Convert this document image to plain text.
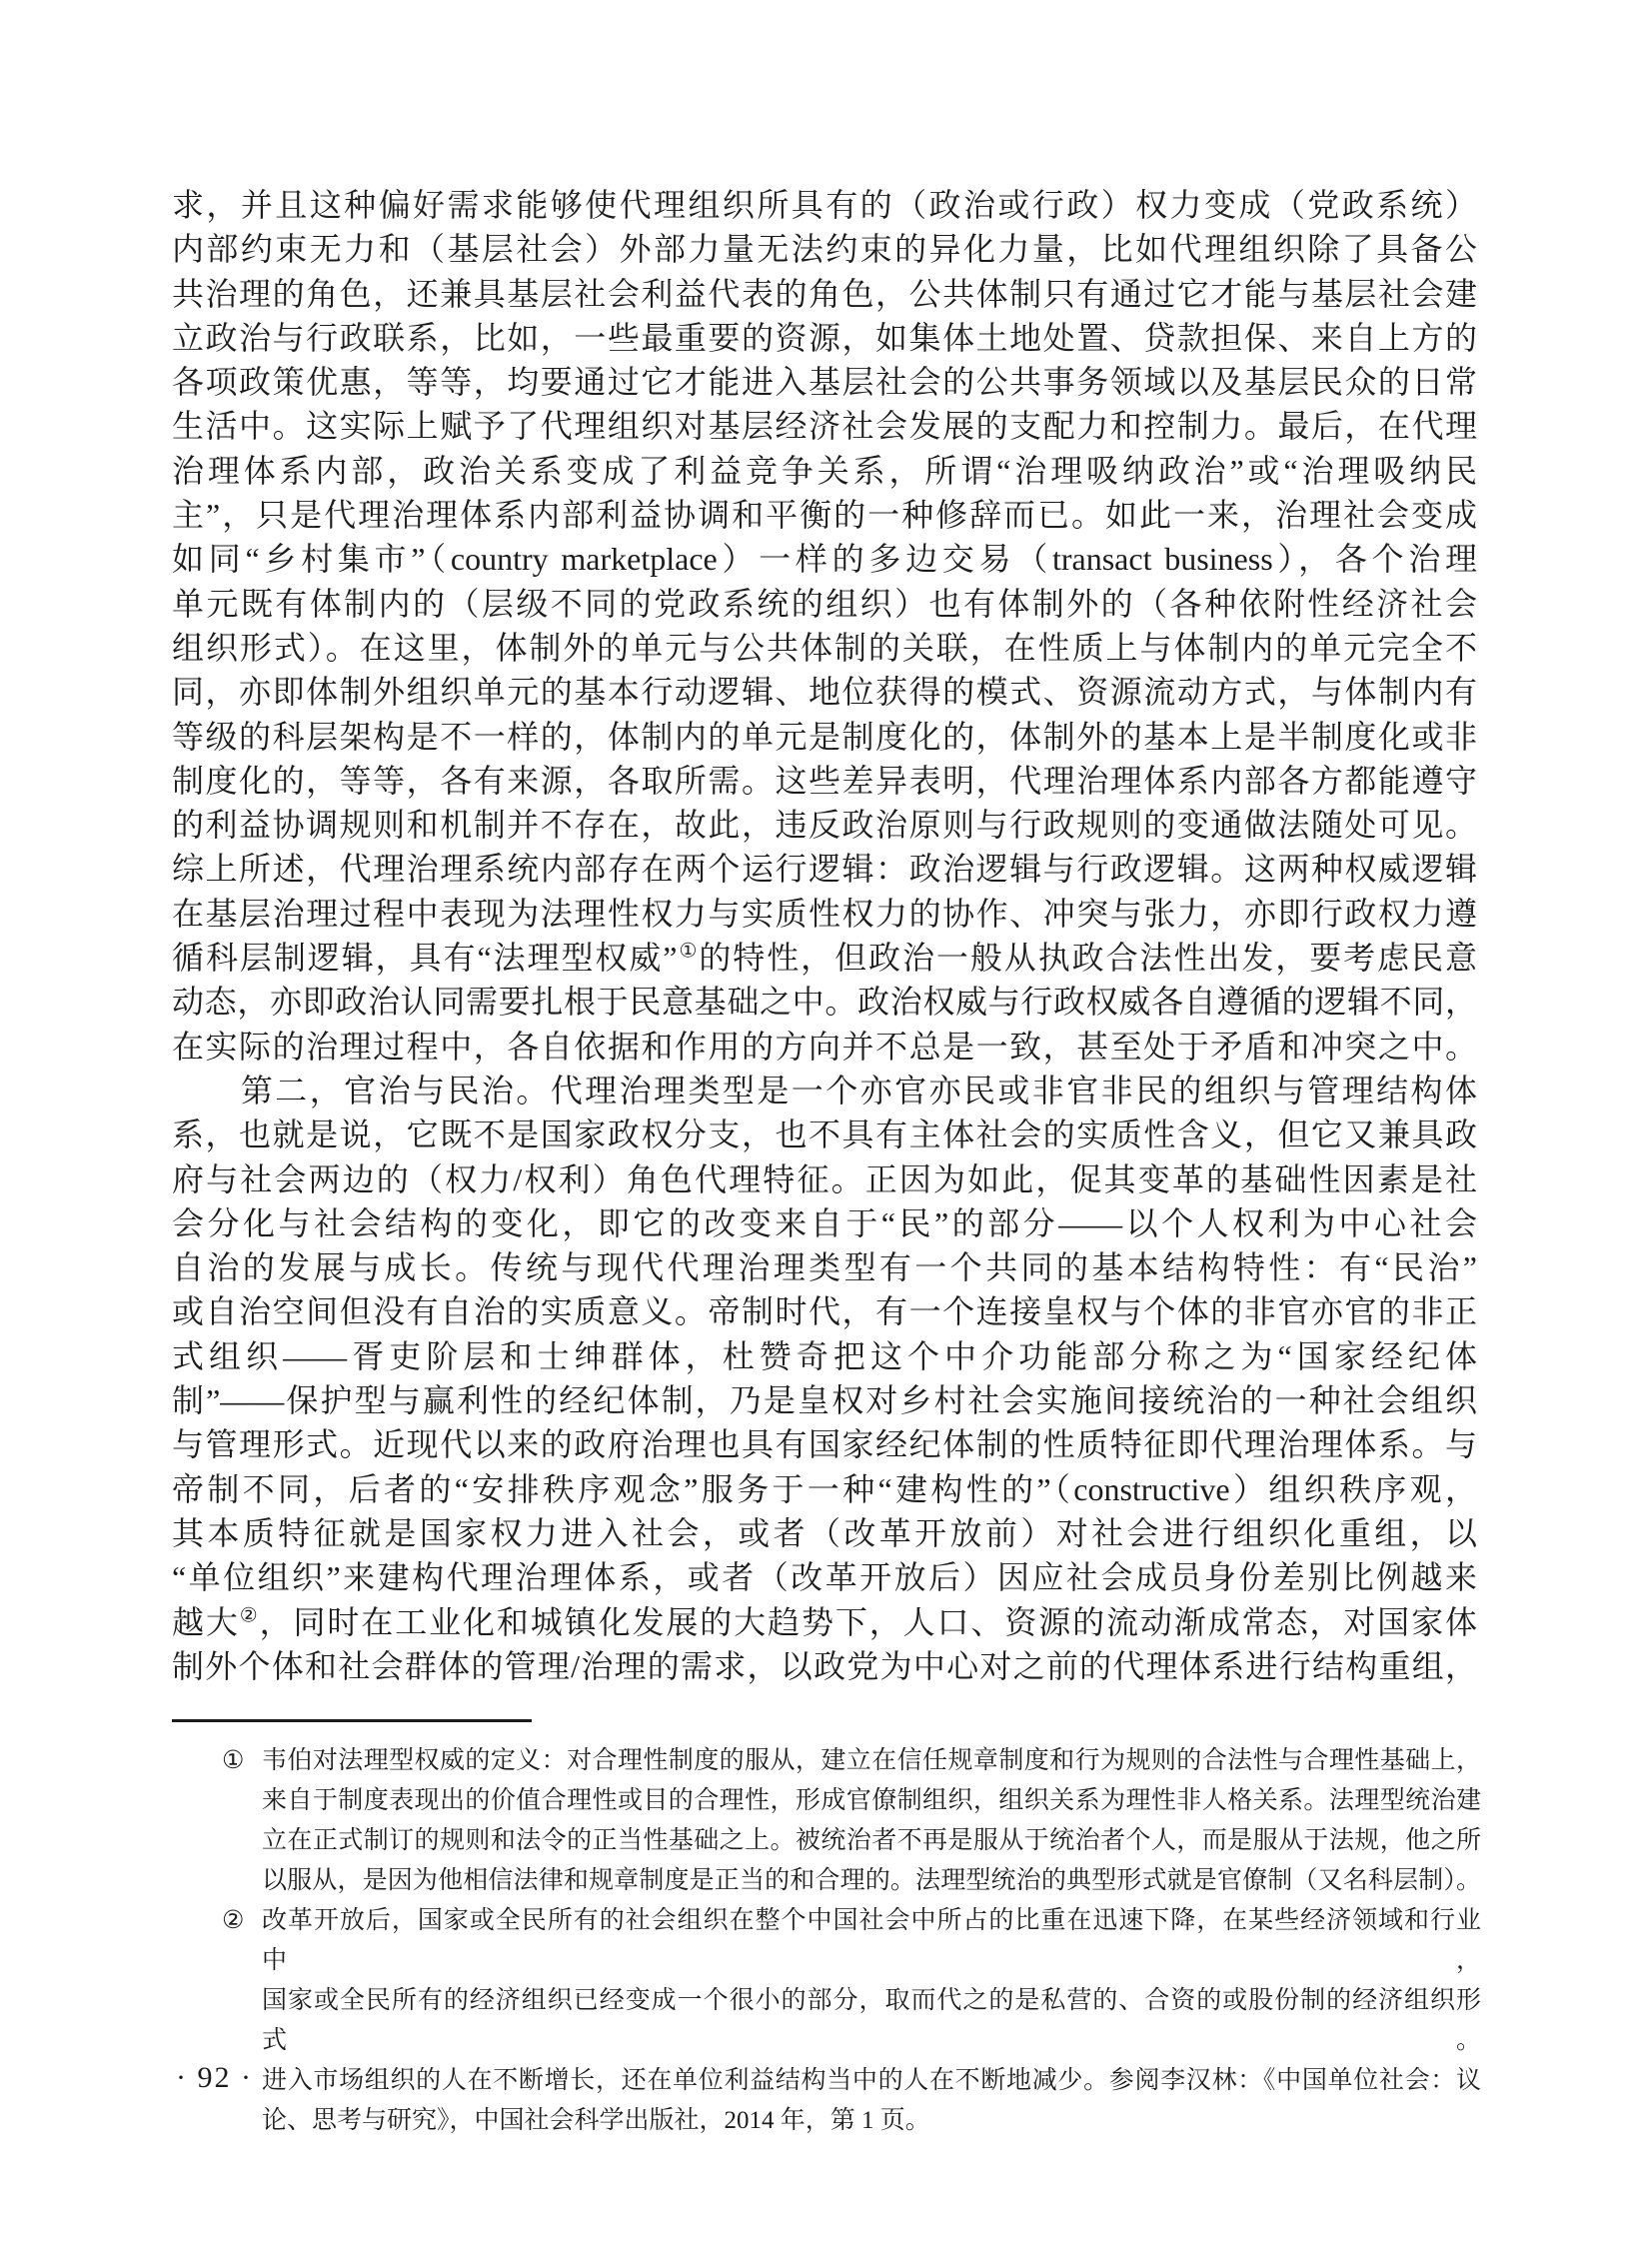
求，并且这种偏好需求能够使代理组织所具有的（政治或行政）权力变成（党政系统）
内部约束无力和（基层社会）外部力量无法约束的异化力量，比如代理组织除了具备公
共治理的角色，还兼具基层社会利益代表的角色，公共体制只有通过它才能与基层社会建
立政治与行政联系，比如，一些最重要的资源，如集体土地处置、贷款担保、来自上方的
各项政策优惠，等等，均要通过它才能进入基层社会的公共事务领域以及基层民众的日常
生活中。这实际上赋予了代理组织对基层经济社会发展的支配力和控制力。最后，在代理
治理体系内部，政治关系变成了利益竞争关系，所谓“治理吸纳政治”或“治理吸纳民
主”，只是代理治理体系内部利益协调和平衡的一种修辞而已。如此一来，治理社会变成
如同“乡村集市”（country marketplace）一样的多边交易（transact business），各个治理
单元既有体制内的（层级不同的党政系统的组织）也有体制外的（各种依附性经济社会
组织形式）。在这里，体制外的单元与公共体制的关联，在性质上与体制内的单元完全不
同，亦即体制外组织单元的基本行动逻辑、地位获得的模式、资源流动方式，与体制内有
等级的科层架构是不一样的，体制内的单元是制度化的，体制外的基本上是半制度化或非
制度化的，等等，各有来源，各取所需。这些差异表明，代理治理体系内部各方都能遵守
的利益协调规则和机制并不存在，故此，违反政治原则与行政规则的变通做法随处可见。
综上所述，代理治理系统内部存在两个运行逻辑：政治逻辑与行政逻辑。这两种权威逻辑
在基层治理过程中表现为法理性权力与实质性权力的协作、冲突与张力，亦即行政权力遵
循科层制逻辑，具有“法理型权威”①的特性，但政治一般从执政合法性出发，要考虑民意
动态，亦即政治认同需要扎根于民意基础之中。政治权威与行政权威各自遵循的逻辑不同，
在实际的治理过程中，各自依据和作用的方向并不总是一致，甚至处于矛盾和冲突之中。
　　第二，官治与民治。代理治理类型是一个亦官亦民或非官非民的组织与管理结构体
系，也就是说，它既不是国家政权分支，也不具有主体社会的实质性含义，但它又兼具政
府与社会两边的（权力/权利）角色代理特征。正因为如此，促其变革的基础性因素是社
会分化与社会结构的变化，即它的改变来自于“民”的部分——以个人权利为中心社会
自治的发展与成长。传统与现代代理治理类型有一个共同的基本结构特性：有“民治”
或自治空间但没有自治的实质意义。帝制时代，有一个连接皇权与个体的非官亦官的非正
式组织——胥吏阶层和士绅群体，杜赞奇把这个中介功能部分称之为“国家经纪体
制”——保护型与赢利性的经纪体制，乃是皇权对乡村社会实施间接统治的一种社会组织
与管理形式。近现代以来的政府治理也具有国家经纪体制的性质特征即代理治理体系。与
帝制不同，后者的“安排秩序观念”服务于一种“建构性的”（constructive）组织秩序观，
其本质特征就是国家权力进入社会，或者（改革开放前）对社会进行组织化重组，以
“单位组织”来建构代理治理体系，或者（改革开放后）因应社会成员身份差别比例越来
越大②，同时在工业化和城镇化发展的大趋势下，人口、资源的流动渐成常态，对国家体
制外个体和社会群体的管理/治理的需求，以政党为中心对之前的代理体系进行结构重组，
① 韦伯对法理型权威的定义：对合理性制度的服从，建立在信任规章制度和行为规则的合法性与合理性基础上，
来自于制度表现出的价值合理性或目的合理性，形成官僚制组织，组织关系为理性非人格关系。法理型统治建
立在正式制订的规则和法令的正当性基础之上。被统治者不再是服从于统治者个人，而是服从于法规，他之所
以服从，是因为他相信法律和规章制度是正当的和合理的。法理型统治的典型形式就是官僚制（又名科层制）。
② 改革开放后，国家或全民所有的社会组织在整个中国社会中所占的比重在迅速下降，在某些经济领域和行业中，
国家或全民所有的经济组织已经变成一个很小的部分，取而代之的是私营的、合资的或股份制的经济组织形式。
进入市场组织的人在不断增长，还在单位利益结构当中的人在不断地减少。参阅李汉林：《中国单位社会：议
论、思考与研究》，中国社会科学出版社，2014 年，第 1 页。
· 92 ·
